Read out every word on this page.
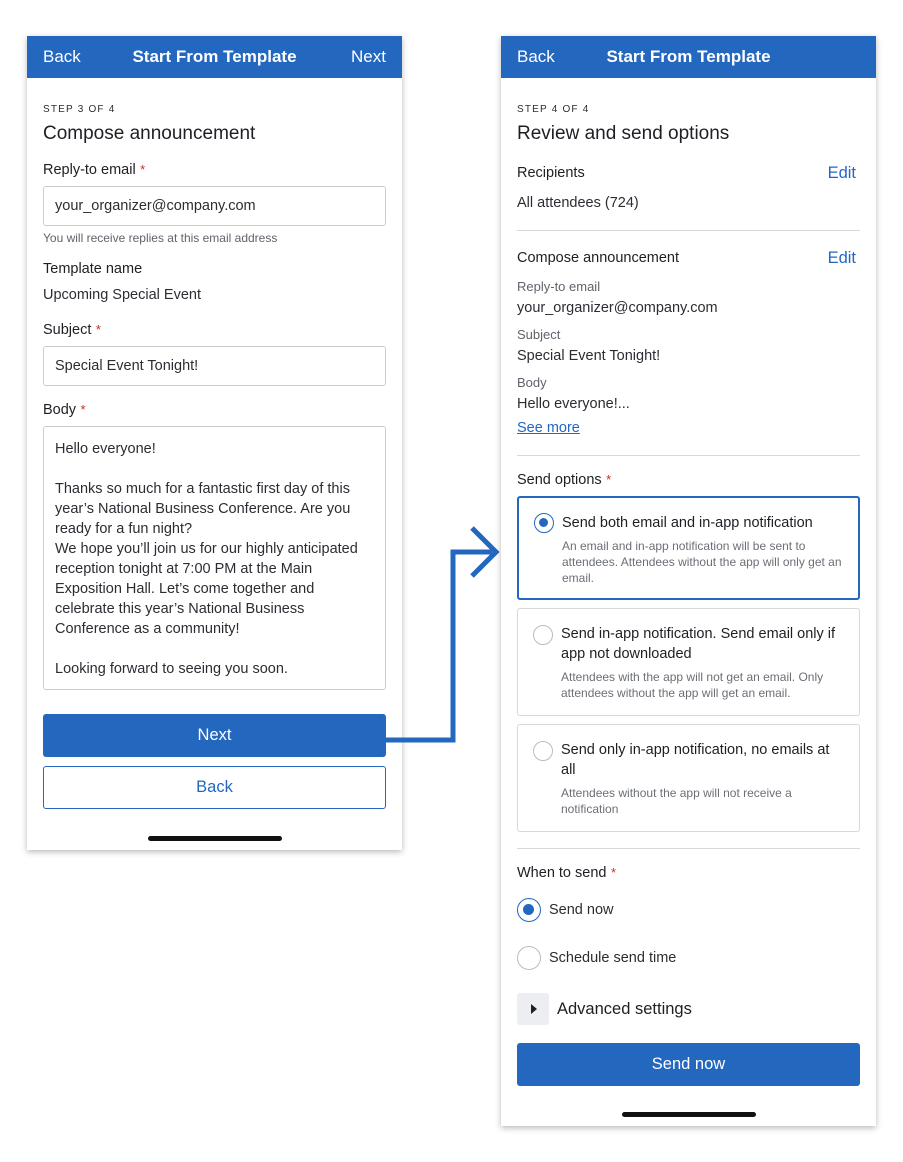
Back	Start From Template	Next
STEP 3 OF 4
Compose announcement
Reply-to email *
your_organizer@company.com
You will receive replies at this email address
Template name
Upcoming Special Event
Subject *
Special Event Tonight!
Body *

Hello everyone!

Thanks so much for a fantastic first day of this year’s National Business Conference. Are you ready for a fun night?

We hope you’ll join us for our highly anticipated reception tonight at 7:00 PM at the Main Exposition Hall. Let’s come together and celebrate this year’s National Business Conference as a community!

Looking forward to seeing you soon.

Next
Back
Back	Start From Template
STEP 4 OF 4
Review and send options
Recipients	Edit
All attendees (724)
Compose announcement	Edit
Reply-to email
your_organizer@company.com
Subject
Special Event Tonight!
Body
Hello everyone!...
See more
Send options *
Send both email and in-app notification
An email and in-app notification will be sent to attendees. Attendees without the app will only get an email.
Send in-app notification. Send email only if app not downloaded
Attendees with the app will not get an email. Only attendees without the app will get an email.
Send only in-app notification, no emails at all
Attendees without the app will not receive a notification
When to send *
Send now
Schedule send time
Advanced settings
Send now
